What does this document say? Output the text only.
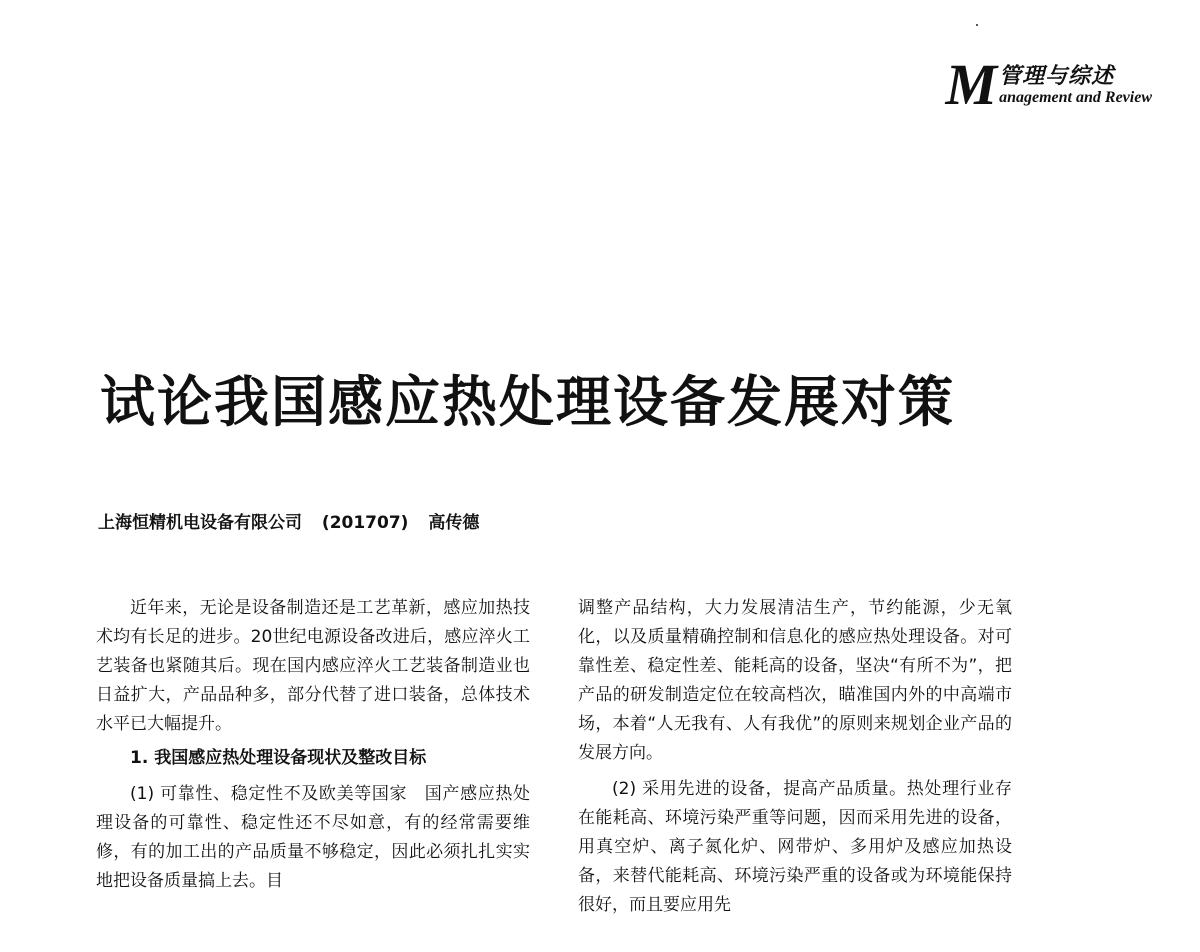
M 管理与综述
anagement and Review
试论我国感应热处理设备发展对策
上海恒精机电设备有限公司 (201707) 高传德

近年来，无论是设备制造还是工艺革新，感应加热技术均有长足的进步。20世纪电源设备改进后，感应淬火工艺装备也紧随其后。现在国内感应淬火工艺装备制造业也日益扩大，产品品种多，部分代替了进口装备，总体技术水平已大幅提升。

1. 我国感应热处理设备现状及整改目标

(1) 可靠性、稳定性不及欧美等国家　国产感应热处理设备的可靠性、稳定性还不尽如意，有的经常需要维修，有的加工出的产品质量不够稳定，因此必须扎扎实实地把设备质量搞上去。目

调整产品结构，大力发展清洁生产，节约能源，少无氧化，以及质量精确控制和信息化的感应热处理设备。对可靠性差、稳定性差、能耗高的设备，坚决“有所不为”，把产品的研发制造定位在较高档次，瞄准国内外的中高端市场，本着“人无我有、人有我优”的原则来规划企业产品的发展方向。

(2) 采用先进的设备，提高产品质量。热处理行业存在能耗高、环境污染严重等问题，因而采用先进的设备，用真空炉、离子氮化炉、网带炉、多用炉及感应加热设备，来替代能耗高、环境污染严重的设备或为环境能保持很好，而且要应用先
